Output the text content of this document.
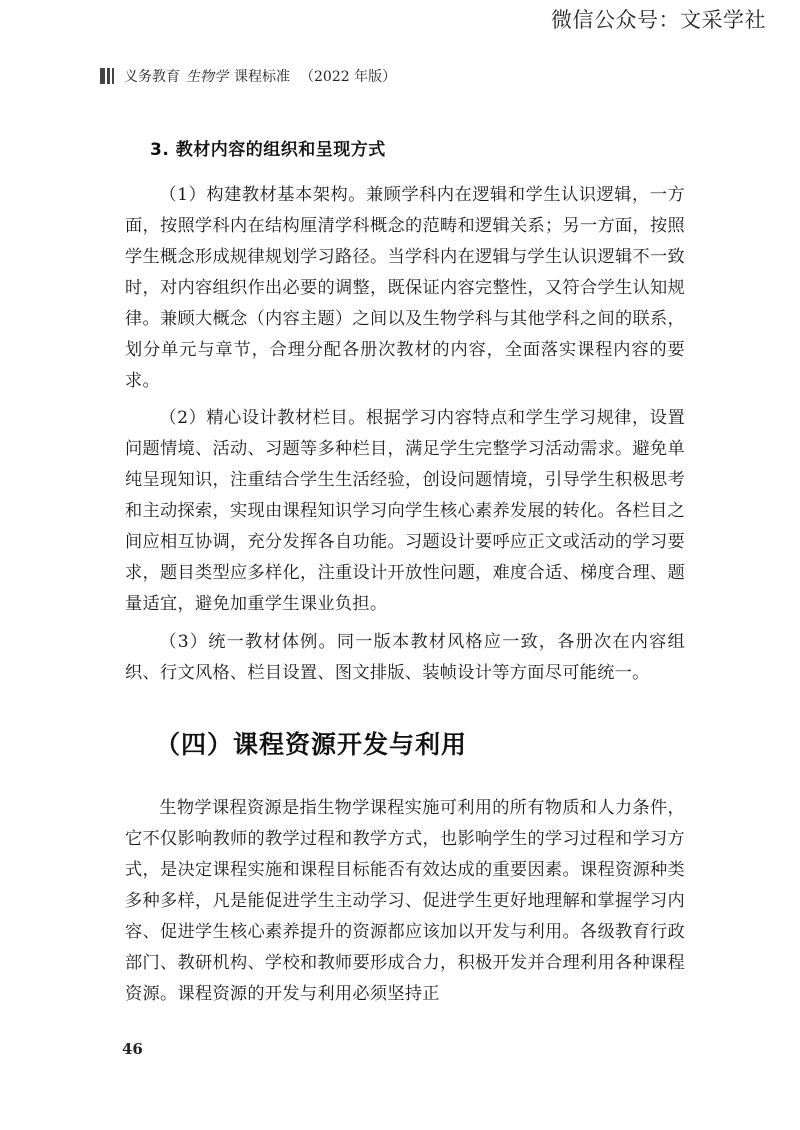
微信公众号：文采学社
义务教育 生物学 课程标准 （2022 年版）
3. 教材内容的组织和呈现方式

（1）构建教材基本架构。兼顾学科内在逻辑和学生认识逻辑，一方面，按照学科内在结构厘清学科概念的范畴和逻辑关系；另一方面，按照学生概念形成规律规划学习路径。当学科内在逻辑与学生认识逻辑不一致时，对内容组织作出必要的调整，既保证内容完整性，又符合学生认知规律。兼顾大概念（内容主题）之间以及生物学科与其他学科之间的联系，划分单元与章节，合理分配各册次教材的内容，全面落实课程内容的要求。

（2）精心设计教材栏目。根据学习内容特点和学生学习规律，设置问题情境、活动、习题等多种栏目，满足学生完整学习活动需求。避免单纯呈现知识，注重结合学生生活经验，创设问题情境，引导学生积极思考和主动探索，实现由课程知识学习向学生核心素养发展的转化。各栏目之间应相互协调，充分发挥各自功能。习题设计要呼应正文或活动的学习要求，题目类型应多样化，注重设计开放性问题，难度合适、梯度合理、题量适宜，避免加重学生课业负担。

（3）统一教材体例。同一版本教材风格应一致，各册次在内容组织、行文风格、栏目设置、图文排版、装帧设计等方面尽可能统一。

（四）课程资源开发与利用

生物学课程资源是指生物学课程实施可利用的所有物质和人力条件，它不仅影响教师的教学过程和教学方式，也影响学生的学习过程和学习方式，是决定课程实施和课程目标能否有效达成的重要因素。课程资源种类多种多样，凡是能促进学生主动学习、促进学生更好地理解和掌握学习内容、促进学生核心素养提升的资源都应该加以开发与利用。各级教育行政部门、教研机构、学校和教师要形成合力，积极开发并合理利用各种课程资源。课程资源的开发与利用必须坚持正

46
